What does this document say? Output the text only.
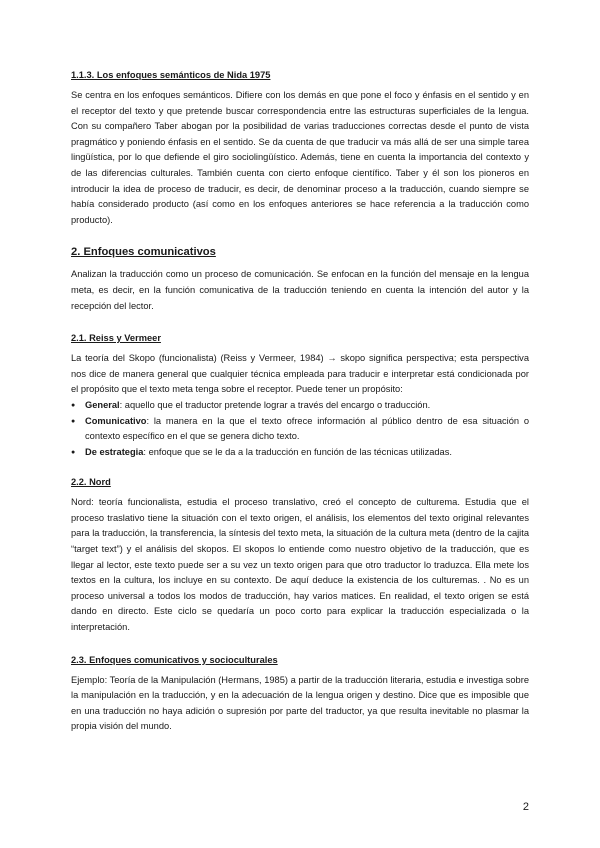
1.1.3. Los enfoques semánticos de Nida 1975

Se centra en los enfoques semánticos. Difiere con los demás en que pone el foco y énfasis en el sentido y en el receptor del texto y que pretende buscar correspondencia entre las estructuras superficiales de la lengua. Con su compañero Taber abogan por la posibilidad de varias traducciones correctas desde el punto de vista pragmático y poniendo énfasis en el sentido. Se da cuenta de que traducir va más allá de ser una simple tarea lingüística, por lo que defiende el giro sociolingüístico. Además, tiene en cuenta la importancia del contexto y de las diferencias culturales. También cuenta con cierto enfoque científico. Taber y él son los pioneros en introducir la idea de proceso de traducir, es decir, de denominar proceso a la traducción, cuando siempre se había considerado producto (así como en los enfoques anteriores se hace referencia a la traducción como producto).

2. Enfoques comunicativos

Analizan la traducción como un proceso de comunicación. Se enfocan en la función del mensaje en la lengua meta, es decir, en la función comunicativa de la traducción teniendo en cuenta la intención del autor y la recepción del lector.

2.1. Reiss y Vermeer

La teoría del Skopo (funcionalista) (Reiss y Vermeer, 1984) → skopo significa perspectiva; esta perspectiva nos dice de manera general que cualquier técnica empleada para traducir e interpretar está condicionada por el propósito que el texto meta tenga sobre el receptor. Puede tener un propósito:

● General: aquello que el traductor pretende lograr a través del encargo o traducción.
● Comunicativo: la manera en la que el texto ofrece información al público dentro de esa situación o contexto específico en el que se genera dicho texto.
● De estrategia: enfoque que se le da a la traducción en función de las técnicas utilizadas.
2.2. Nord

Nord: teoría funcionalista, estudia el proceso translativo, creó el concepto de culturema. Estudia que el proceso traslativo tiene la situación con el texto origen, el análisis, los elementos del texto original relevantes para la traducción, la transferencia, la síntesis del texto meta, la situación de la cultura meta (dentro de la cajita “target text”) y el análisis del skopos. El skopos lo entiende como nuestro objetivo de la traducción, que es llegar al lector, este texto puede ser a su vez un texto origen para que otro traductor lo traduzca. Ella mete los textos en la cultura, los incluye en su contexto. De aquí deduce la existencia de los culturemas. . No es un proceso universal a todos los modos de traducción, hay varios matices. En realidad, el texto origen se está dando en directo. Este ciclo se quedaría un poco corto para explicar la traducción especializada o la interpretación.

2.3. Enfoques comunicativos y socioculturales

Ejemplo: Teoría de la Manipulación (Hermans, 1985) a partir de la traducción literaria, estudia e investiga sobre la manipulación en la traducción, y en la adecuación de la lengua origen y destino. Dice que es imposible que en una traducción no haya adición o supresión por parte del traductor, ya que resulta inevitable no plasmar la propia visión del mundo.

2
